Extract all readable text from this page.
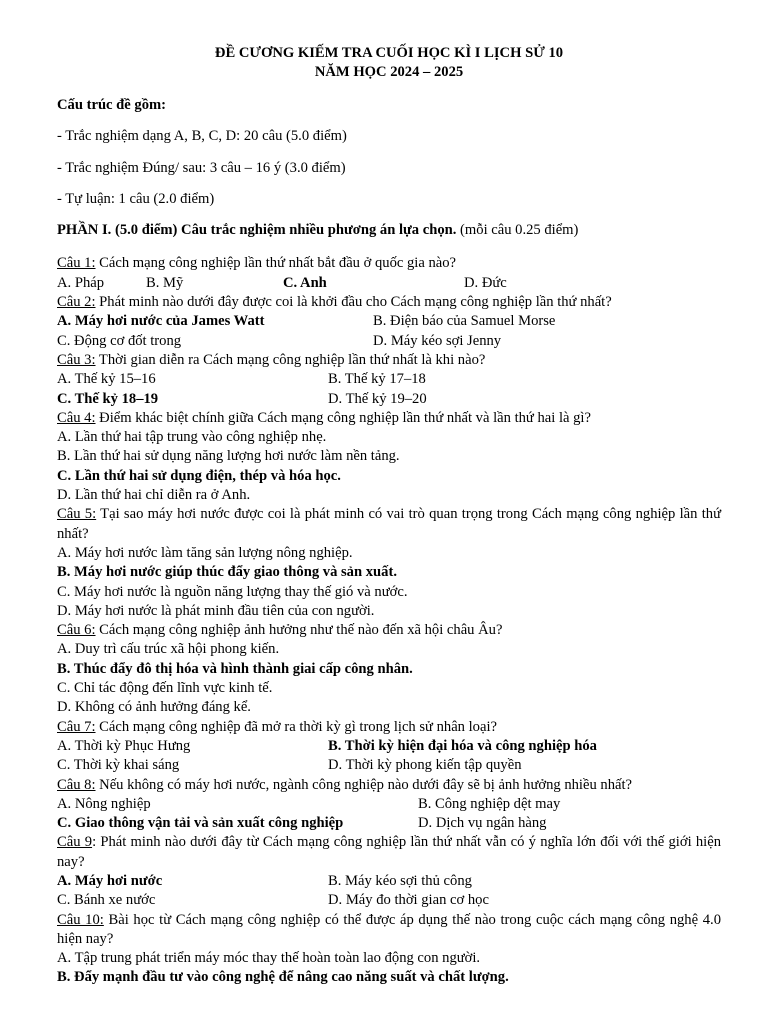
ĐỀ CƯƠNG KIẾM TRA CUỐI HỌC KÌ I LỊCH SỬ 10
NĂM HỌC 2024 – 2025
Cấu trúc đề gồm:
- Trắc nghiệm dạng A, B, C, D: 20 câu (5.0 điểm)
- Trắc nghiệm Đúng/ sau: 3 câu – 16 ý (3.0 điểm)
- Tự luận: 1 câu (2.0 điểm)
PHẦN I. (5.0 điểm) Câu trắc nghiệm nhiều phương án lựa chọn. (mỗi câu 0.25 điểm)
Câu 1: Cách mạng công nghiệp lần thứ nhất bắt đầu ở quốc gia nào?
A. Pháp	B. Mỹ	C. Anh	D. Đức
Câu 2: Phát minh nào dưới đây được coi là khởi đầu cho Cách mạng công nghiệp lần thứ nhất?
A. Máy hơi nước của James Watt	B. Điện báo của Samuel Morse
C. Động cơ đốt trong	D. Máy kéo sợi Jenny
Câu 3: Thời gian diễn ra Cách mạng công nghiệp lần thứ nhất là khi nào?
A. Thế kỷ 15–16	B. Thế kỷ 17–18
C. Thế kỷ 18–19	D. Thế kỷ 19–20
Câu 4: Điểm khác biệt chính giữa Cách mạng công nghiệp lần thứ nhất và lần thứ hai là gì?
A. Lần thứ hai tập trung vào công nghiệp nhẹ.
B. Lần thứ hai sử dụng năng lượng hơi nước làm nền tảng.
C. Lần thứ hai sử dụng điện, thép và hóa học.
D. Lần thứ hai chỉ diễn ra ở Anh.
Câu 5: Tại sao máy hơi nước được coi là phát minh có vai trò quan trọng trong Cách mạng công nghiệp lần thứ nhất?
A. Máy hơi nước làm tăng sản lượng nông nghiệp.
B. Máy hơi nước giúp thúc đẩy giao thông và sản xuất.
C. Máy hơi nước là nguồn năng lượng thay thế gió và nước.
D. Máy hơi nước là phát minh đầu tiên của con người.
Câu 6: Cách mạng công nghiệp ảnh hưởng như thế nào đến xã hội châu Âu?
A. Duy trì cấu trúc xã hội phong kiến.
B. Thúc đẩy đô thị hóa và hình thành giai cấp công nhân.
C. Chỉ tác động đến lĩnh vực kinh tế.
D. Không có ảnh hưởng đáng kể.
Câu 7: Cách mạng công nghiệp đã mở ra thời kỳ gì trong lịch sử nhân loại?
A. Thời kỳ Phục Hưng	B. Thời kỳ hiện đại hóa và công nghiệp hóa
C. Thời kỳ khai sáng	D. Thời kỳ phong kiến tập quyền
Câu 8: Nếu không có máy hơi nước, ngành công nghiệp nào dưới đây sẽ bị ảnh hưởng nhiều nhất?
A. Nông nghiệp	B. Công nghiệp dệt may
C. Giao thông vận tải và sản xuất công nghiệp	D. Dịch vụ ngân hàng
Câu 9: Phát minh nào dưới đây từ Cách mạng công nghiệp lần thứ nhất vẫn có ý nghĩa lớn đối với thế giới hiện nay?
A. Máy hơi nước	B. Máy kéo sợi thủ công
C. Bánh xe nước	D. Máy đo thời gian cơ học
Câu 10: Bài học từ Cách mạng công nghiệp có thể được áp dụng thế nào trong cuộc cách mạng công nghệ 4.0 hiện nay?
A. Tập trung phát triển máy móc thay thế hoàn toàn lao động con người.
B. Đẩy mạnh đầu tư vào công nghệ để nâng cao năng suất và chất lượng.
